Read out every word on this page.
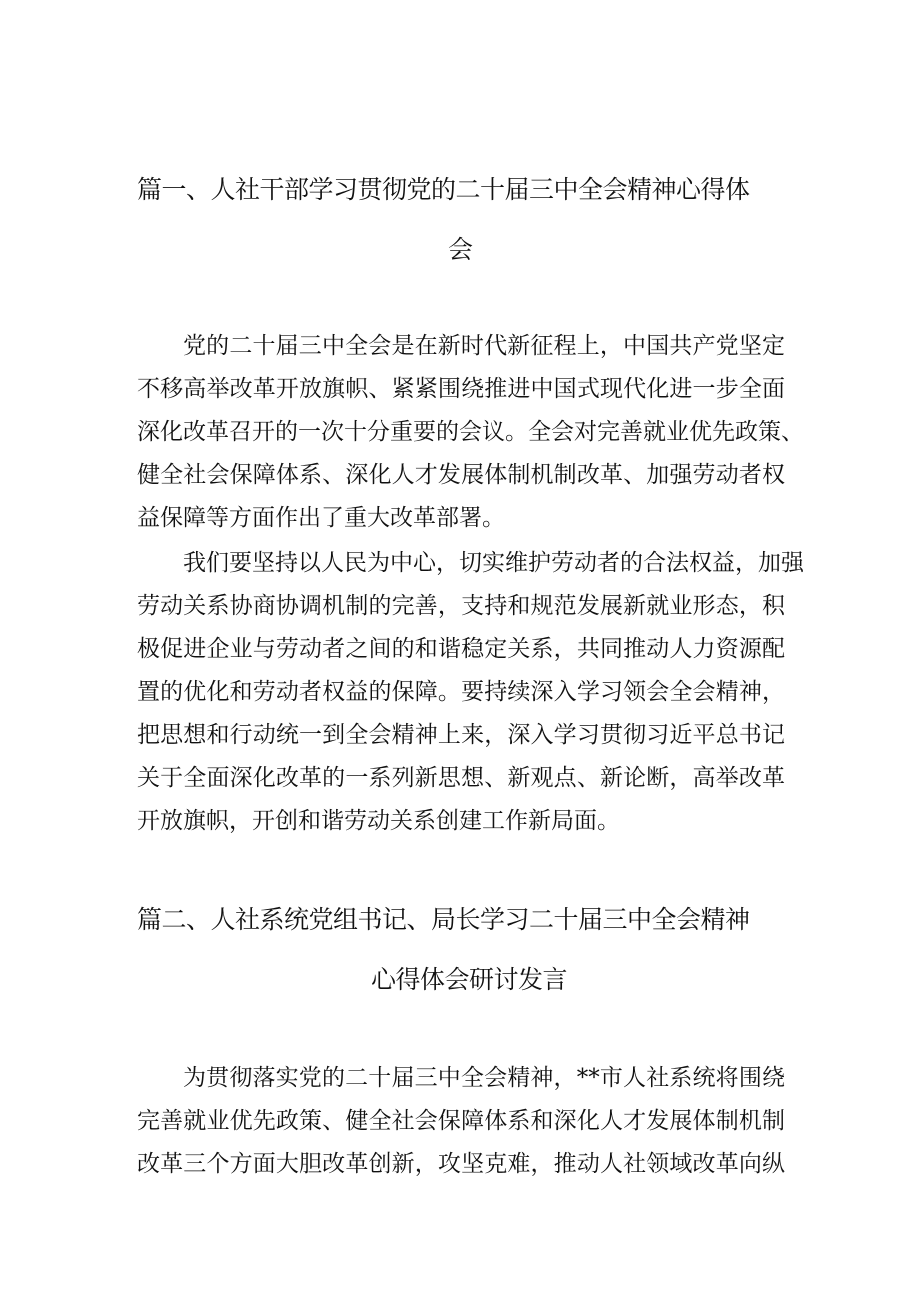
篇一、人社干部学习贯彻党的二十届三中全会精神心得体
会
党的二十届三中全会是在新时代新征程上，中国共产党坚定
不移高举改革开放旗帜、紧紧围绕推进中国式现代化进一步全面
深化改革召开的一次十分重要的会议。全会对完善就业优先政策、
健全社会保障体系、深化人才发展体制机制改革、加强劳动者权
益保障等方面作出了重大改革部署。
我们要坚持以人民为中心，切实维护劳动者的合法权益，加强
劳动关系协商协调机制的完善，支持和规范发展新就业形态，积
极促进企业与劳动者之间的和谐稳定关系，共同推动人力资源配
置的优化和劳动者权益的保障。要持续深入学习领会全会精神，
把思想和行动统一到全会精神上来，深入学习贯彻习近平总书记
关于全面深化改革的一系列新思想、新观点、新论断，高举改革
开放旗帜，开创和谐劳动关系创建工作新局面。
篇二、人社系统党组书记、局长学习二十届三中全会精神
心得体会研讨发言
为贯彻落实党的二十届三中全会精神，**市人社系统将围绕
完善就业优先政策、健全社会保障体系和深化人才发展体制机制
改革三个方面大胆改革创新，攻坚克难，推动人社领域改革向纵
